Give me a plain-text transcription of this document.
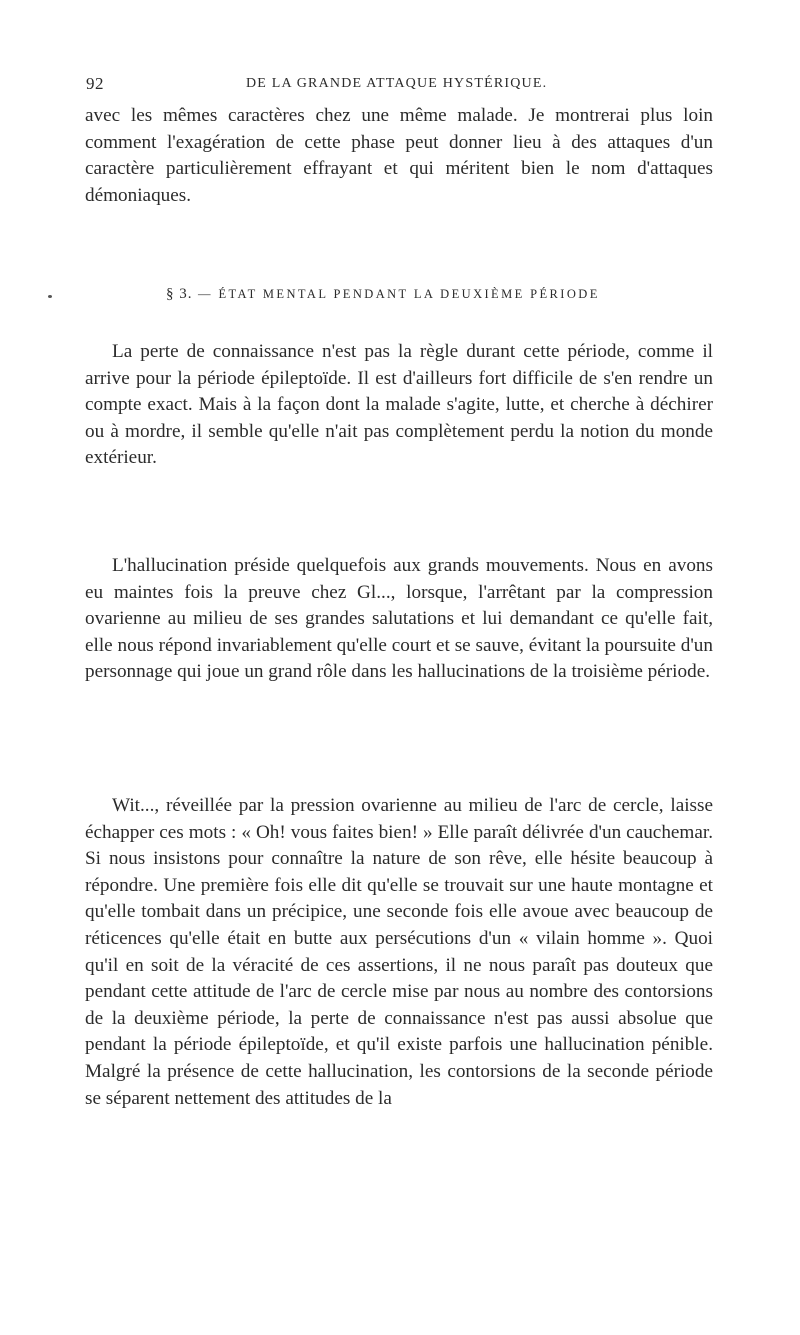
92	DE LA GRANDE ATTAQUE HYSTÉRIQUE.

avec les mêmes caractères chez une même malade. Je montrerai plus loin comment l'exagération de cette phase peut donner lieu à des attaques d'un caractère particulièrement effrayant et qui méritent bien le nom d'attaques démoniaques.

§ 3. — ÉTAT MENTAL PENDANT LA DEUXIÈME PÉRIODE

La perte de connaissance n'est pas la règle durant cette période, comme il arrive pour la période épileptoïde. Il est d'ailleurs fort difficile de s'en rendre un compte exact. Mais à la façon dont la malade s'agite, lutte, et cherche à déchirer ou à mordre, il semble qu'elle n'ait pas complètement perdu la notion du monde extérieur.

L'hallucination préside quelquefois aux grands mouvements. Nous en avons eu maintes fois la preuve chez Gl..., lorsque, l'arrêtant par la compression ovarienne au milieu de ses grandes salutations et lui demandant ce qu'elle fait, elle nous répond invariablement qu'elle court et se sauve, évitant la poursuite d'un personnage qui joue un grand rôle dans les hallucinations de la troisième période.

Wit..., réveillée par la pression ovarienne au milieu de l'arc de cercle, laisse échapper ces mots : « Oh! vous faites bien! » Elle paraît délivrée d'un cauchemar. Si nous insistons pour connaître la nature de son rêve, elle hésite beaucoup à répondre. Une première fois elle dit qu'elle se trouvait sur une haute montagne et qu'elle tombait dans un précipice, une seconde fois elle avoue avec beaucoup de réticences qu'elle était en butte aux persécutions d'un « vilain homme ». Quoi qu'il en soit de la véracité de ces assertions, il ne nous paraît pas douteux que pendant cette attitude de l'arc de cercle mise par nous au nombre des contorsions de la deuxième période, la perte de connaissance n'est pas aussi absolue que pendant la période épileptoïde, et qu'il existe parfois une hallucination pénible. Malgré la présence de cette hallucination, les contorsions de la seconde période se séparent nettement des attitudes de la
